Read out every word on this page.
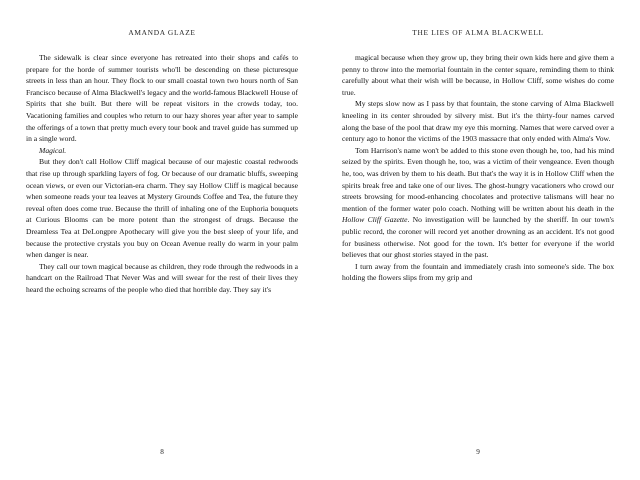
AMANDA GLAZE

The sidewalk is clear since everyone has retreated into their shops and cafés to prepare for the horde of summer tourists who'll be descending on these picturesque streets in less than an hour. They flock to our small coastal town two hours north of San Francisco because of Alma Blackwell's legacy and the world-famous Blackwell House of Spirits that she built. But there will be repeat visitors in the crowds today, too. Vacationing families and couples who return to our hazy shores year after year to sample the offerings of a town that pretty much every tour book and travel guide has summed up in a single word.

Magical.

But they don't call Hollow Cliff magical because of our majestic coastal redwoods that rise up through sparkling layers of fog. Or because of our dramatic bluffs, sweeping ocean views, or even our Victorian-era charm. They say Hollow Cliff is magical because when someone reads your tea leaves at Mystery Grounds Coffee and Tea, the future they reveal often does come true. Because the thrill of inhaling one of the Euphoria bouquets at Curious Blooms can be more potent than the strongest of drugs. Because the Dreamless Tea at DeLongpre Apothecary will give you the best sleep of your life, and because the protective crystals you buy on Ocean Avenue really do warm in your palm when danger is near.

They call our town magical because as children, they rode through the redwoods in a handcart on the Railroad That Never Was and will swear for the rest of their lives they heard the echoing screams of the people who died that horrible day. They say it's

8
THE LIES OF ALMA BLACKWELL

magical because when they grow up, they bring their own kids here and give them a penny to throw into the memorial fountain in the center square, reminding them to think carefully about what their wish will be because, in Hollow Cliff, some wishes do come true.

My steps slow now as I pass by that fountain, the stone carving of Alma Blackwell kneeling in its center shrouded by silvery mist. But it's the thirty-four names carved along the base of the pool that draw my eye this morning. Names that were carved over a century ago to honor the victims of the 1903 massacre that only ended with Alma's Vow.

Tom Harrison's name won't be added to this stone even though he, too, had his mind seized by the spirits. Even though he, too, was a victim of their vengeance. Even though he, too, was driven by them to his death. But that's the way it is in Hollow Cliff when the spirits break free and take one of our lives. The ghost-hungry vacationers who crowd our streets browsing for mood-enhancing chocolates and protective talismans will hear no mention of the former water polo coach. Nothing will be written about his death in the Hollow Cliff Gazette. No investigation will be launched by the sheriff. In our town's public record, the coroner will record yet another drowning as an accident. It's not good for business otherwise. Not good for the town. It's better for everyone if the world believes that our ghost stories stayed in the past.

I turn away from the fountain and immediately crash into someone's side. The box holding the flowers slips from my grip and

9
